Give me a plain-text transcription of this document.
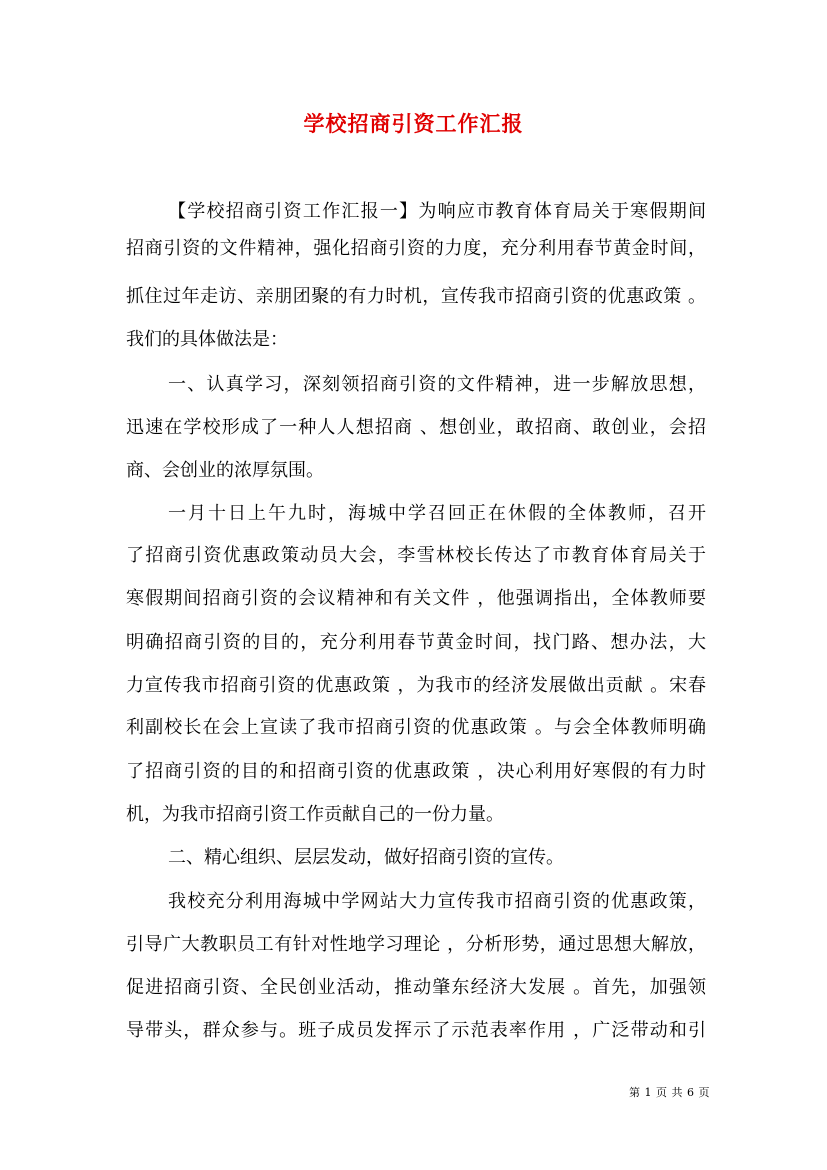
学校招商引资工作汇报
【学校招商引资工作汇报一】为响应市教育体育局关于寒假期间
招商引资的文件精神，强化招商引资的力度，充分利用春节黄金时间，
抓住过年走访、亲朋团聚的有力时机，宣传我市招商引资的优惠政策 。
我们的具体做法是：
一、认真学习，深刻领招商引资的文件精神，进一步解放思想，
迅速在学校形成了一种人人想招商 、想创业，敢招商、敢创业，会招
商、会创业的浓厚氛围。
一月十日上午九时，海城中学召回正在休假的全体教师，召开
了招商引资优惠政策动员大会，李雪林校长传达了市教育体育局关于
寒假期间招商引资的会议精神和有关文件 ，他强调指出，全体教师要
明确招商引资的目的，充分利用春节黄金时间，找门路、想办法，大
力宣传我市招商引资的优惠政策 ，为我市的经济发展做出贡献 。宋春
利副校长在会上宣读了我市招商引资的优惠政策 。与会全体教师明确
了招商引资的目的和招商引资的优惠政策 ，决心利用好寒假的有力时
机，为我市招商引资工作贡献自己的一份力量。
二、精心组织、层层发动，做好招商引资的宣传。
我校充分利用海城中学网站大力宣传我市招商引资的优惠政策，
引导广大教职员工有针对性地学习理论 ，分析形势，通过思想大解放，
促进招商引资、全民创业活动，推动肇东经济大发展 。首先，加强领
导带头，群众参与。班子成员发挥示了示范表率作用 ，广泛带动和引
第 1 页 共 6 页
